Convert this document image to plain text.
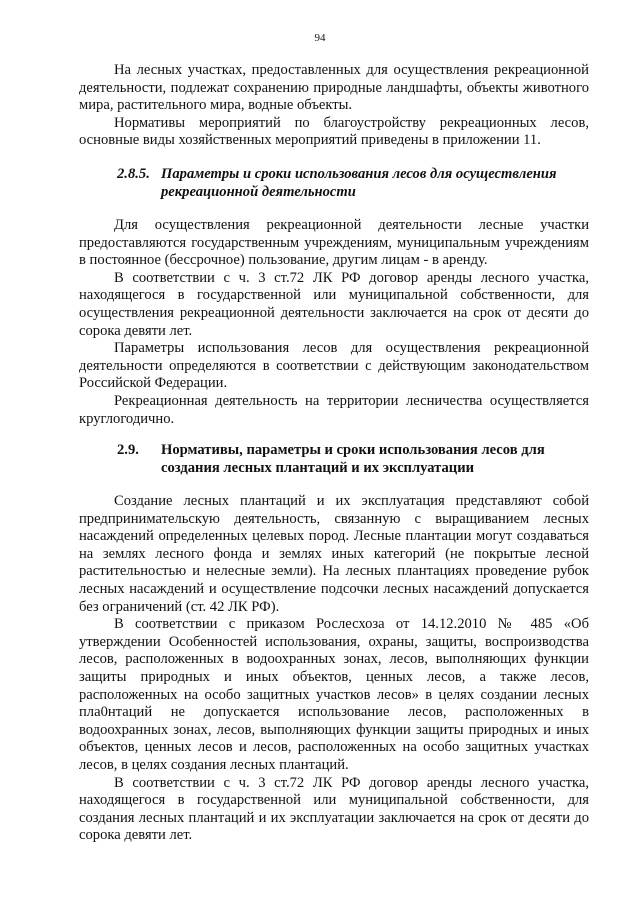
94

На лесных участках, предоставленных для осуществления рекреационной деятельности, подлежат сохранению природные ландшафты, объекты животного мира, растительного мира, водные объекты.

Нормативы мероприятий по благоустройству рекреационных лесов, основные виды хозяйственных мероприятий приведены в приложении 11.

2.8.5. Параметры и сроки использования лесов для осуществления
рекреационной деятельности

Для осуществления рекреационной деятельности лесные участки предоставляются государственным учреждениям, муниципальным учреждениям в постоянное (бессрочное) пользование, другим лицам - в аренду.

В соответствии с ч. 3 ст.72 ЛК РФ договор аренды лесного участка, находящегося в государственной или муниципальной собственности, для осуществления рекреационной деятельности заключается на срок от десяти до сорока девяти лет.

Параметры использования лесов для осуществления рекреационной деятельности определяются в соответствии с действующим законодательством Российской Федерации.

Рекреационная деятельность на территории лесничества осуществляется круглогодично.

2.9. Нормативы, параметры и сроки использования лесов для
создания лесных плантаций и их эксплуатации

Создание лесных плантаций и их эксплуатация представляют собой предпринимательскую деятельность, связанную с выращиванием лесных насаждений определенных целевых пород. Лесные плантации могут создаваться на землях лесного фонда и землях иных категорий (не покрытые лесной растительностью и нелесные земли). На лесных плантациях проведение рубок лесных насаждений и осуществление подсочки лесных насаждений допускается без ограничений (ст. 42 ЛК РФ).

В соответствии с приказом Рослесхоза от 14.12.2010 № 485 «Об утверждении Особенностей использования, охраны, защиты, воспроизводства лесов, расположенных в водоохранных зонах, лесов, выполняющих функции защиты природных и иных объектов, ценных лесов, а также лесов, расположенных на особо защитных участков лесов» в целях создании лесных пла0нтаций не допускается использование лесов, расположенных в водоохранных зонах, лесов, выполняющих функции защиты природных и иных объектов, ценных лесов и лесов, расположенных на особо защитных участках лесов, в целях создания лесных плантаций.

В соответствии с ч. 3 ст.72 ЛК РФ договор аренды лесного участка, находящегося в государственной или муниципальной собственности, для создания лесных плантаций и их эксплуатации заключается на срок от десяти до сорока девяти лет.
